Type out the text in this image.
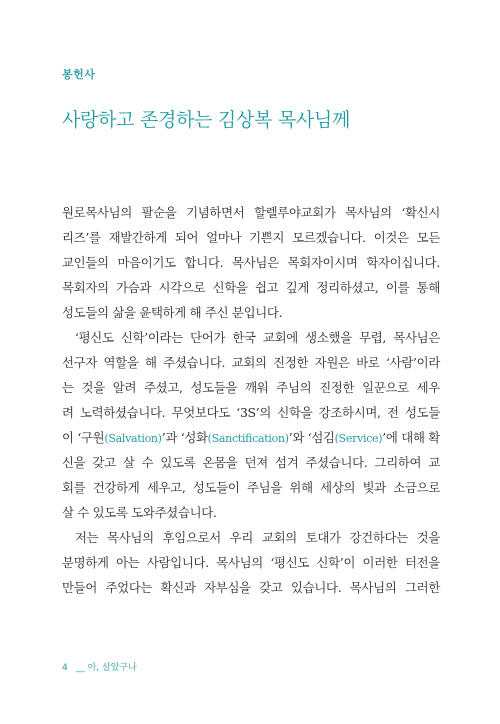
봉헌사
사랑하고 존경하는 김상복 목사님께
원로목사님의 팔순을 기념하면서 할렐루야교회가 목사님의 ‘확신시
리즈’를 재발간하게 되어 얼마나 기쁜지 모르겠습니다. 이것은 모든
교인들의 마음이기도 합니다. 목사님은 목회자이시며 학자이십니다.
목회자의 가슴과 시각으로 신학을 쉽고 깊게 정리하셨고, 이를 통해
성도들의 삶을 윤택하게 해 주신 분입니다.
‘평신도 신학’이라는 단어가 한국 교회에 생소했을 무렵, 목사님은
선구자 역할을 해 주셨습니다. 교회의 진정한 자원은 바로 ‘사람’이라
는 것을 알려 주셨고, 성도들을 깨워 주님의 진정한 일꾼으로 세우
려 노력하셨습니다. 무엇보다도 ‘3S’의 신학을 강조하시며, 전 성도들
이 ‘구원(Salvation)’과 ‘성화(Sanctification)’와 ‘섬김(Service)’에 대해 확
신을 갖고 살 수 있도록 온몸을 던져 섬겨 주셨습니다. 그리하여 교
회를 건강하게 세우고, 성도들이 주님을 위해 세상의 빛과 소금으로
살 수 있도록 도와주셨습니다.
저는 목사님의 후임으로서 우리 교회의 토대가 강건하다는 것을
분명하게 아는 사람입니다. 목사님의 ‘평신도 신학’이 이러한 터전을
만들어 주었다는 확신과 자부심을 갖고 있습니다. 목사님의 그러한
4 __ 아, 살았구나
